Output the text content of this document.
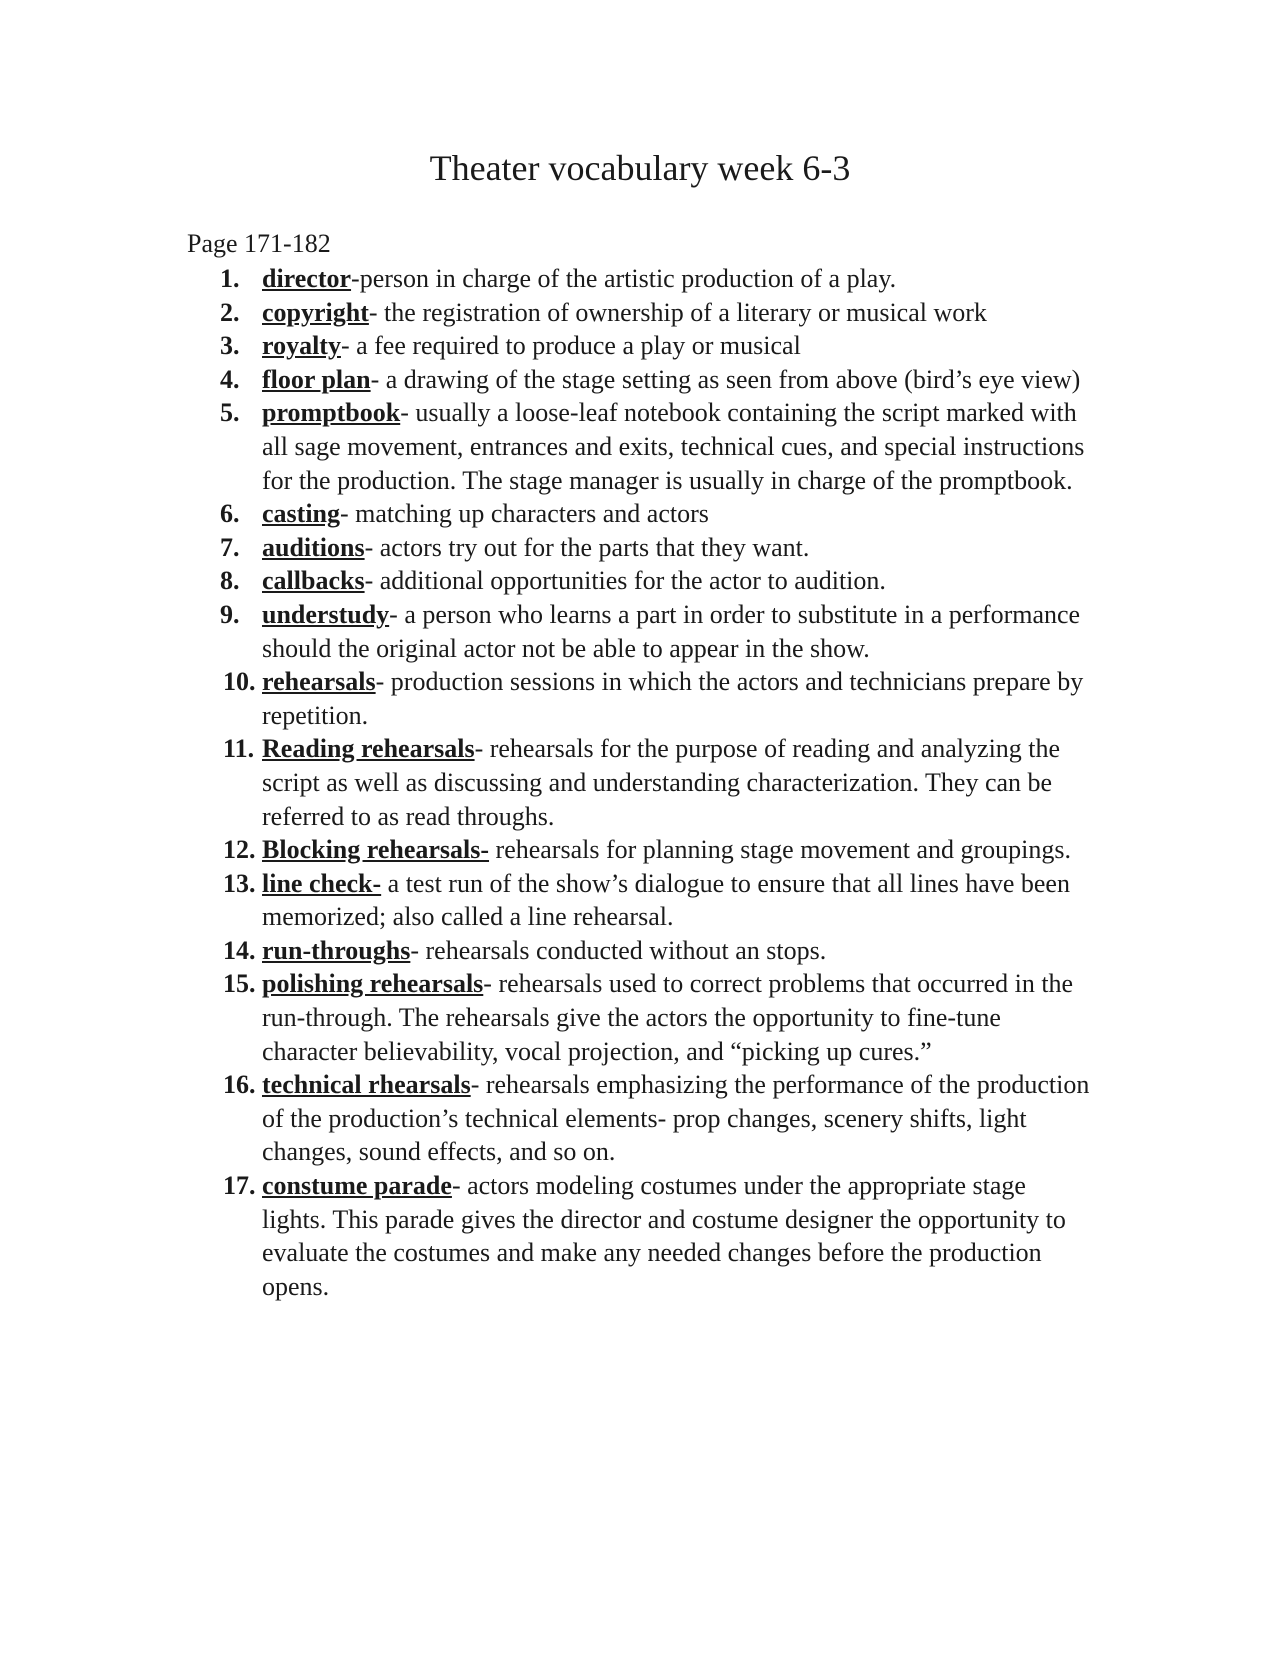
Theater vocabulary week 6-3
Page 171-182
1. director-person in charge of the artistic production of a play.
2. copyright- the registration of ownership of a literary or musical work
3. royalty- a fee required to produce a play or musical
4. floor plan- a drawing of the stage setting as seen from above (bird’s eye view)
5. promptbook- usually a loose-leaf notebook containing the script marked with all sage movement, entrances and exits, technical cues, and special instructions for the production. The stage manager is usually in charge of the promptbook.
6. casting- matching up characters and actors
7. auditions- actors try out for the parts that they want.
8. callbacks- additional opportunities for the actor to audition.
9. understudy- a person who learns a part in order to substitute in a performance should the original actor not be able to appear in the show.
10. rehearsals- production sessions in which the actors and technicians prepare by repetition.
11. Reading rehearsals- rehearsals for the purpose of reading and analyzing the script as well as discussing and understanding characterization. They can be referred to as read throughs.
12. Blocking rehearsals- rehearsals for planning stage movement and groupings.
13. line check- a test run of the show’s dialogue to ensure that all lines have been memorized; also called a line rehearsal.
14. run-throughs- rehearsals conducted without an stops.
15. polishing rehearsals- rehearsals used to correct problems that occurred in the run-through. The rehearsals give the actors the opportunity to fine-tune character believability, vocal projection, and “picking up cures.”
16. technical rhearsals- rehearsals emphasizing the performance of the production of the production’s technical elements- prop changes, scenery shifts, light changes, sound effects, and so on.
17. constume parade- actors modeling costumes under the appropriate stage lights. This parade gives the director and costume designer the opportunity to evaluate the costumes and make any needed changes before the production opens.
